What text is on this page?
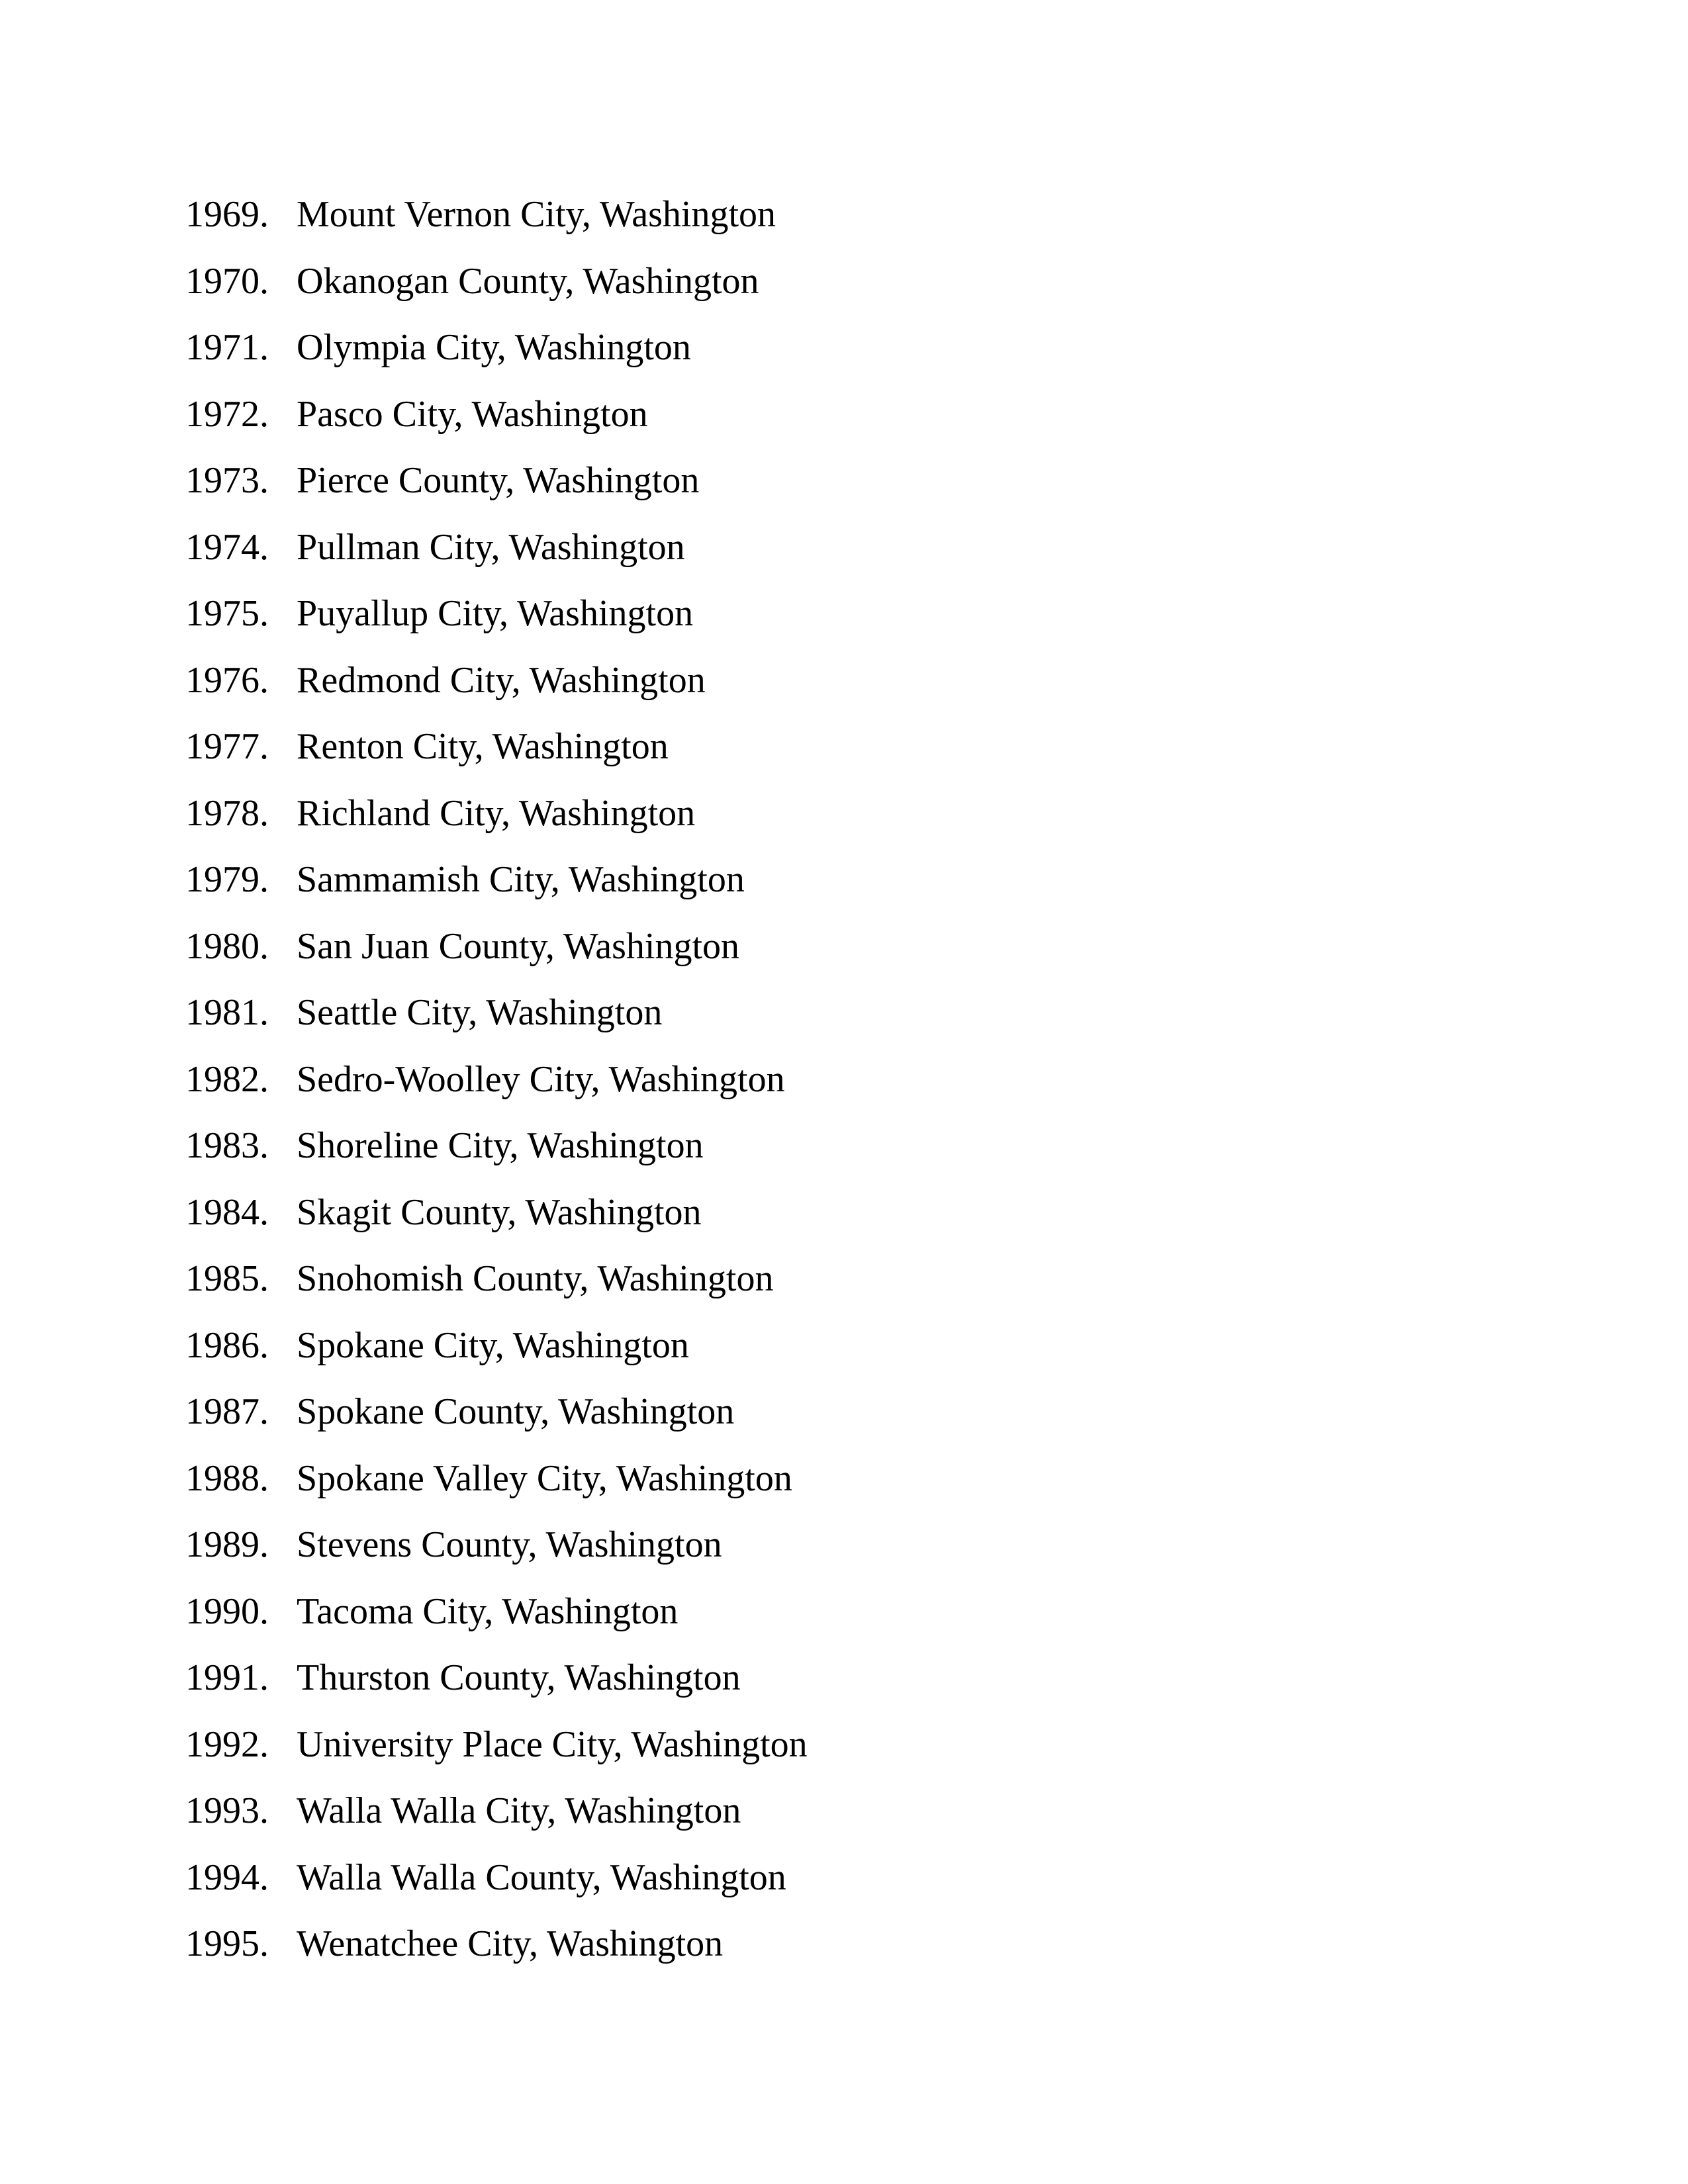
1969. Mount Vernon City, Washington
1970. Okanogan County, Washington
1971. Olympia City, Washington
1972. Pasco City, Washington
1973. Pierce County, Washington
1974. Pullman City, Washington
1975. Puyallup City, Washington
1976. Redmond City, Washington
1977. Renton City, Washington
1978. Richland City, Washington
1979. Sammamish City, Washington
1980. San Juan County, Washington
1981. Seattle City, Washington
1982. Sedro-Woolley City, Washington
1983. Shoreline City, Washington
1984. Skagit County, Washington
1985. Snohomish County, Washington
1986. Spokane City, Washington
1987. Spokane County, Washington
1988. Spokane Valley City, Washington
1989. Stevens County, Washington
1990. Tacoma City, Washington
1991. Thurston County, Washington
1992. University Place City, Washington
1993. Walla Walla City, Washington
1994. Walla Walla County, Washington
1995. Wenatchee City, Washington
